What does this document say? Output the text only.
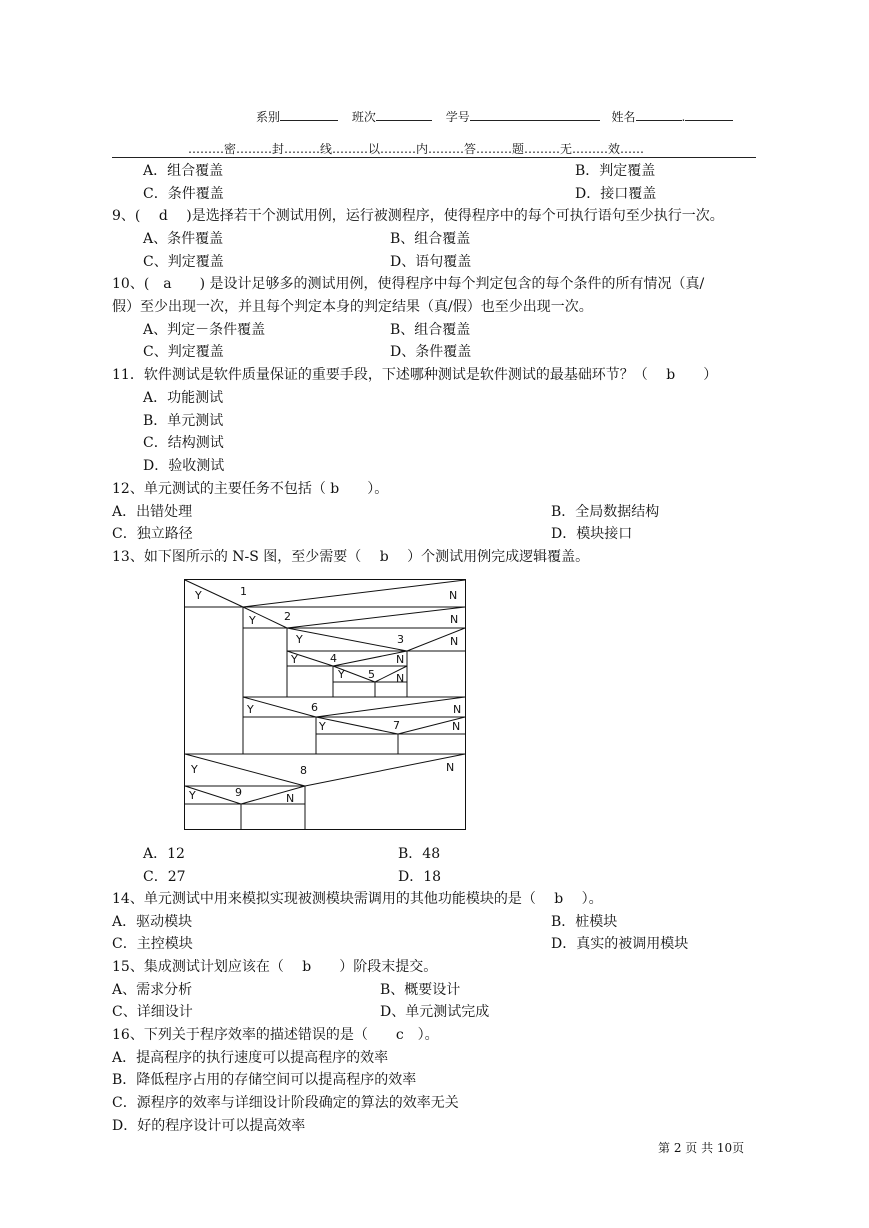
系别	班次	学号	姓名	.
………密………封………线………以………内………答………题………无………效……
A．组合覆盖	B．判定覆盖
C．条件覆盖	D．接口覆盖
9、(　 d　 )是选择若干个测试用例，运行被测程序，使得程序中的每个可执行语句至少执行一次。
A、条件覆盖	B、组合覆盖
C、判定覆盖	D、语句覆盖
10、(　a　　) 是设计足够多的测试用例，使得程序中每个判定包含的每个条件的所有情况（真/
假）至少出现一次，并且每个判定本身的判定结果（真/假）也至少出现一次。
A、判定－条件覆盖	B、组合覆盖
C、判定覆盖	D、条件覆盖
11．软件测试是软件质量保证的重要手段，下述哪种测试是软件测试的最基础环节？（　 b　　）
A．功能测试
B．单元测试
C．结构测试
D．验收测试
12、单元测试的主要任务不包括（ b　　）。
A．出错处理	B．全局数据结构
C．独立路径	D．模块接口
13、如下图所示的 N-S 图，至少需要（　 b　 ）个测试用例完成逻辑覆盖。
Y	1	N
Y	2	N
Y	3	N
Y	4	N
Y 5 N
Y	6	N
Y	7	N
Y	8	N
Y	9	N
A．12	B．48
C．27	D．18
14、单元测试中用来模拟实现被测模块需调用的其他功能模块的是（　 b　 ）。
A．驱动模块	B．桩模块
C．主控模块	D．真实的被调用模块
15、集成测试计划应该在（　 b　　）阶段末提交。
A、需求分析	B、概要设计
C、详细设计	D、单元测试完成
16、下列关于程序效率的描述错误的是（　　c　）。
A．提高程序的执行速度可以提高程序的效率
B．降低程序占用的存储空间可以提高程序的效率
C．源程序的效率与详细设计阶段确定的算法的效率无关
D．好的程序设计可以提高效率
第 2 页 共 10页
